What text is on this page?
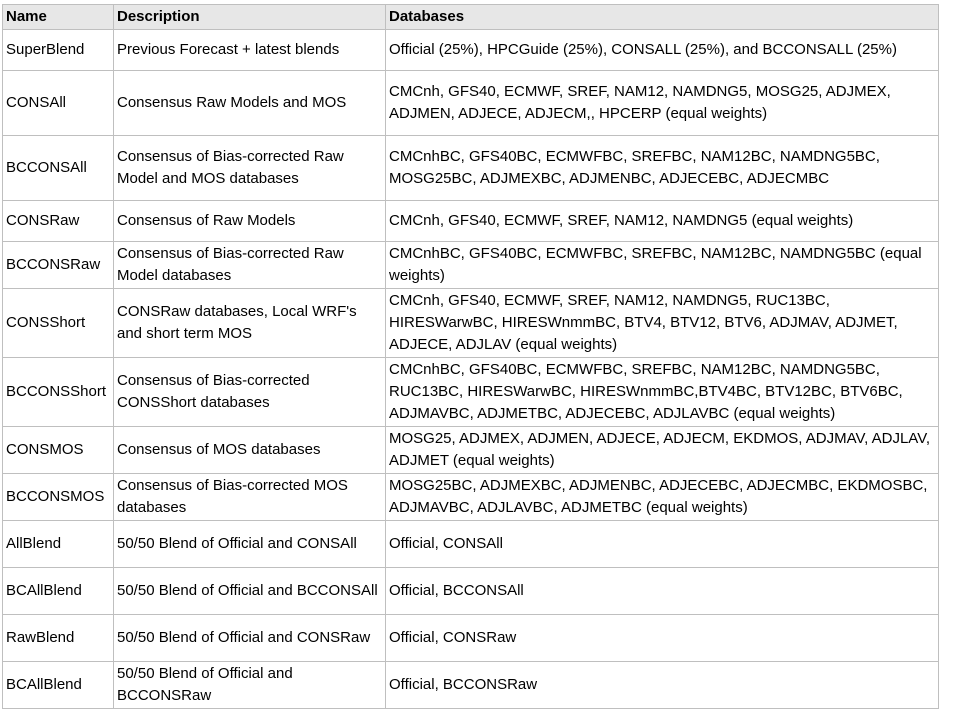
Name	Description	Databases
SuperBlend	Previous Forecast + latest blends	Official (25%), HPCGuide (25%), CONSALL (25%), and BCCONSALL (25%)
CONSAll	Consensus Raw Models and MOS	CMCnh, GFS40, ECMWF, SREF, NAM12, NAMDNG5, MOSG25, ADJMEX, ADJMEN, ADJECE, ADJECM,, HPCERP (equal weights)
BCCONSAll	Consensus of Bias-corrected Raw Model and MOS databases	CMCnhBC, GFS40BC, ECMWFBC, SREFBC, NAM12BC, NAMDNG5BC, MOSG25BC, ADJMEXBC, ADJMENBC, ADJECEBC, ADJECMBC
CONSRaw	Consensus of Raw Models	CMCnh, GFS40, ECMWF, SREF, NAM12, NAMDNG5 (equal weights)
BCCONSRaw	Consensus of Bias-corrected Raw Model databases	CMCnhBC, GFS40BC, ECMWFBC, SREFBC, NAM12BC, NAMDNG5BC (equal weights)
CONSShort	CONSRaw databases, Local WRF's and short term MOS	CMCnh, GFS40, ECMWF, SREF, NAM12, NAMDNG5, RUC13BC, HIRESWarwBC, HIRESWnmmBC, BTV4, BTV12, BTV6, ADJMAV, ADJMET, ADJECE, ADJLAV (equal weights)
BCCONSShort	Consensus of Bias-corrected CONSShort databases	CMCnhBC, GFS40BC, ECMWFBC, SREFBC, NAM12BC, NAMDNG5BC, RUC13BC, HIRESWarwBC, HIRESWnmmBC,BTV4BC, BTV12BC, BTV6BC, ADJMAVBC, ADJMETBC, ADJECEBC, ADJLAVBC (equal weights)
CONSMOS	Consensus of MOS databases	MOSG25, ADJMEX, ADJMEN, ADJECE, ADJECM, EKDMOS, ADJMAV, ADJLAV, ADJMET (equal weights)
BCCONSMOS	Consensus of Bias-corrected MOS databases	MOSG25BC, ADJMEXBC, ADJMENBC, ADJECEBC, ADJECMBC, EKDMOSBC, ADJMAVBC, ADJLAVBC, ADJMETBC (equal weights)
AllBlend	50/50 Blend of Official and CONSAll	Official, CONSAll
BCAllBlend	50/50 Blend of Official and BCCONSAll	Official, BCCONSAll
RawBlend	50/50 Blend of Official and CONSRaw	Official, CONSRaw
BCAllBlend	50/50 Blend of Official and BCCONSRaw	Official, BCCONSRaw
